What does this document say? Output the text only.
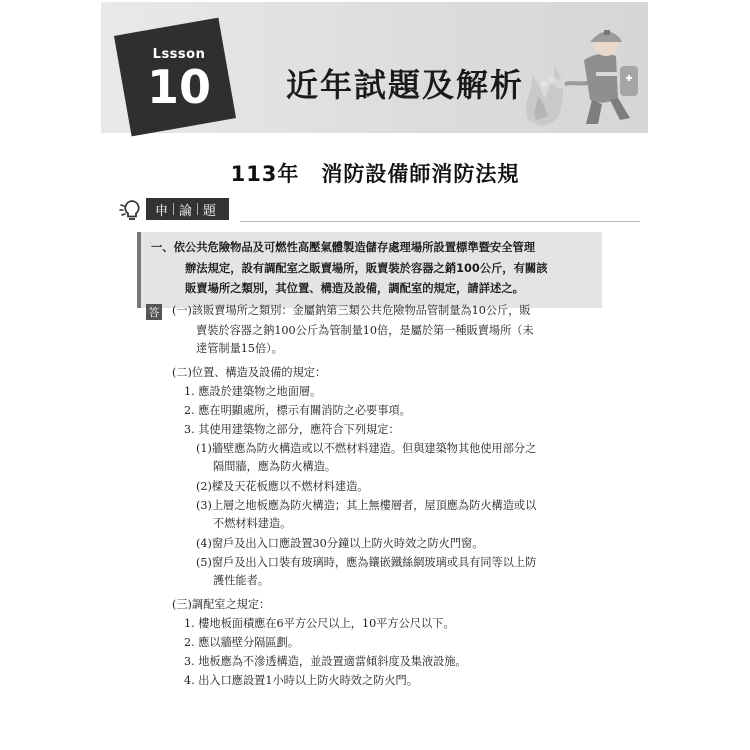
Lssson
10 近年試題及解析
113年　消防設備師消防法規
申 論 題
一、依公共危險物品及可燃性高壓氣體製造儲存處理場所設置標準暨安全管理
辦法規定，設有調配室之販賣場所，販賣裝於容器之銷100公斤，有關該
販賣場所之類別，其位置、構造及設備，調配室的規定，請詳述之。
答 (一)該販賣場所之類別：金屬鈉第三類公共危險物品管制量為10公斤，販
賣裝於容器之鈉100公斤為管制量10倍，是屬於第一種販賣場所（未
達管制量15倍）。
(二)位置、構造及設備的規定：
1. 應設於建築物之地面層。
2. 應在明顯處所，標示有關消防之必要事項。
3. 其使用建築物之部分，應符合下列規定：
(1)牆壁應為防火構造或以不燃材料建造。但與建築物其他使用部分之
隔間牆，應為防火構造。
(2)樑及天花板應以不燃材料建造。
(3)上層之地板應為防火構造；其上無樓層者，屋頂應為防火構造或以
不燃材料建造。
(4)窗戶及出入口應設置30分鐘以上防火時效之防火門窗。
(5)窗戶及出入口裝有玻璃時，應為鑲嵌鐵絲網玻璃或具有同等以上防
護性能者。
(三)調配室之規定：
1. 樓地板面積應在6平方公尺以上，10平方公尺以下。
2. 應以牆壁分隔區劃。
3. 地板應為不滲透構造，並設置適當傾斜度及集液設施。
4. 出入口應設置1小時以上防火時效之防火門。
